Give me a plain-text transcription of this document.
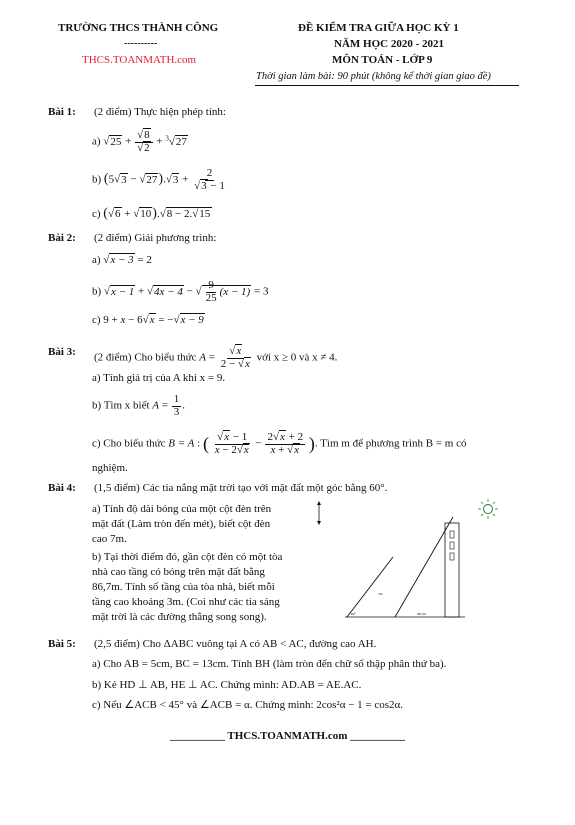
TRƯỜNG THCS THÀNH CÔNG
----------
THCS.TOANMATH.com
ĐỀ KIỂM TRA GIỮA HỌC KỲ 1
NĂM HỌC 2020 - 2021
MÔN TOÁN - LỚP 9
Thời gian làm bài: 90 phút (không kể thời gian giao đề)
Bài 1: (2 điểm) Thực hiện phép tính:
a) $√25 + \frac{√8}{√2} + ^3√27$
b) $(5√3 - √27).√3 + \frac{2}{√3 - 1}$
c) (√6 + √10).√8 − 2.√15
Bài 2: (2 điểm) Giải phương trình:
a) √x − 3 = 2
b) √x − 1 + √4x − 4 − √ $\frac{9}{25} (x - 1) = 3$
c) 9 + x − 6√x = −√x − 9
Bài 3: (2 điểm) Cho biểu thức $A = \frac{√x}{2 - √x}$ với x ≥ 0 và x ≠ 4.
a) Tính giá trị của A khi x = 9.
b) Tìm x biết $A = \frac{1}{3}$ .
c) Cho biểu thức B = A : ( $\frac{√x - 1}{x - 2√x} - \frac{2√x + 2}{x + √x}$ ). Tìm m để phương trình B = m có
nghiệm.
Bài 4: (1,5 điểm) Các tia nắng mặt trời tạo với mặt đất một góc bằng 60°.
a) Tính độ dài bóng của một cột đèn trên
mặt đất (Làm tròn đến mét), biết cột đèn
cao 7m.
b) Tại thời điểm đó, gần cột đèn có một tòa
nhà cao tầng có bóng trên mặt đất bằng
86,7m. Tính số tầng của tòa nhà, biết mỗi
tầng cao khoảng 3m. (Coi như các tia sáng
mặt trời là các đường thẳng song song).
7m
60°	86,7m
Bài 5: (2,5 điểm) Cho ΔABC vuông tại A có AB < AC, đường cao AH.
a) Cho AB = 5cm, BC = 13cm. Tính BH (làm tròn đến chữ số thập phân thứ ba).
b) Kẻ HD ⊥ AB, HE ⊥ AC. Chứng minh: AD.AB = AE.AC.
c) Nếu ∠ACB < 45° và ∠ACB = α. Chứng minh: 2cos²α − 1 = cos2α.
__________ THCS.TOANMATH.com __________
